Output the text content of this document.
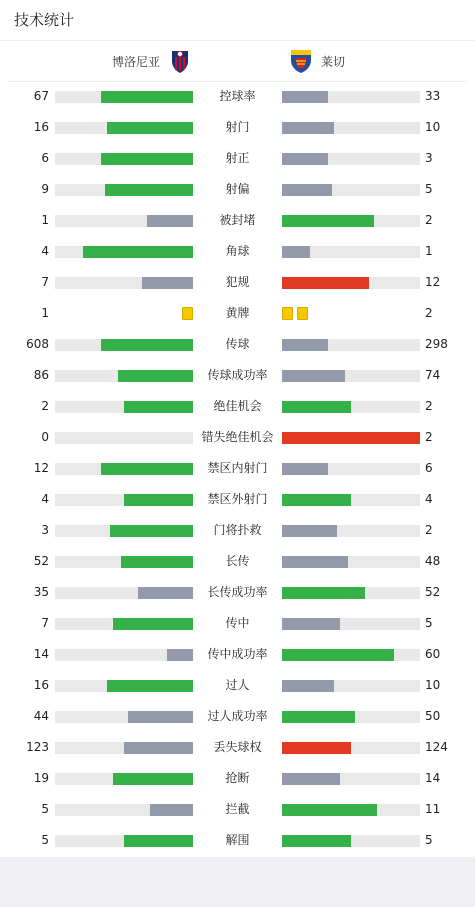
技术统计
博洛尼亚	莱切
67	控球率	33
16	射门	10
6	射正	3
9	射偏	5
1	被封堵	2
4	角球	1
7	犯规	12
1	黄牌	2
608	传球	298
86	传球成功率	74
2	绝佳机会	2
0	错失绝佳机会	2
12	禁区内射门	6
4	禁区外射门	4
3	门将扑救	2
52	长传	48
35	长传成功率	52
7	传中	5
14	传中成功率	60
16	过人	10
44	过人成功率	50
123	丢失球权	124
19	抢断	14
5	拦截	11
5	解围	5
